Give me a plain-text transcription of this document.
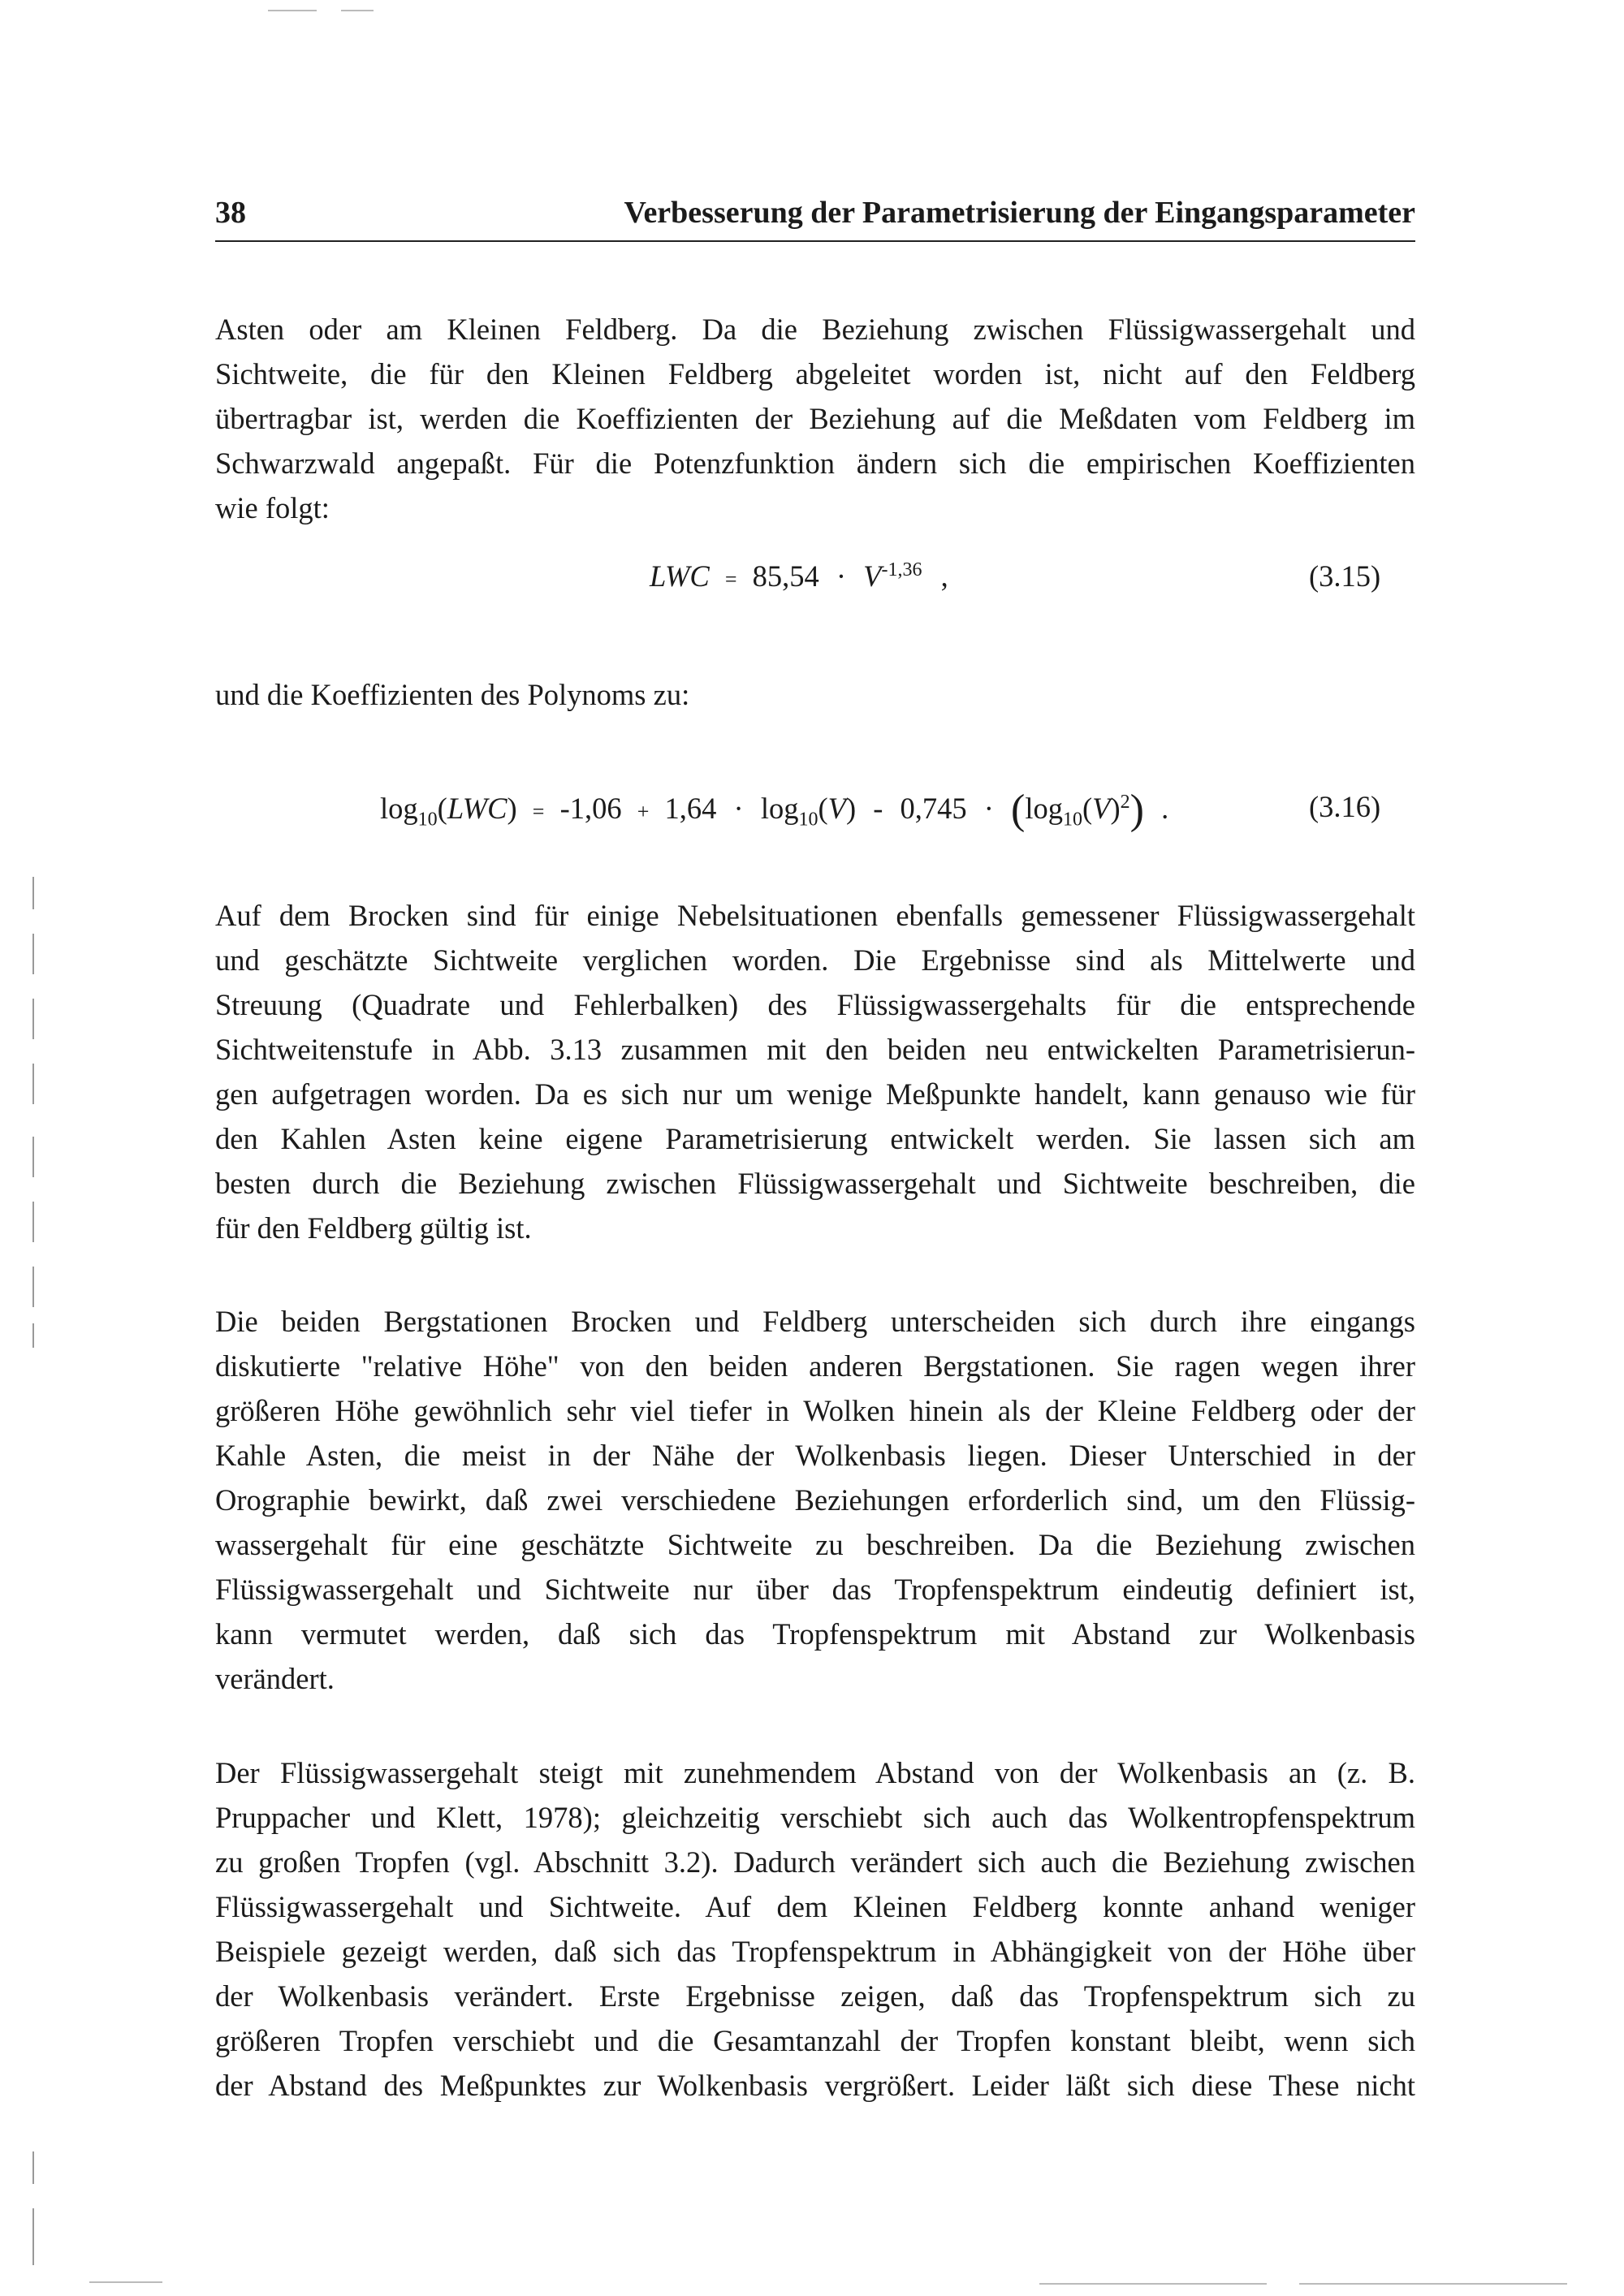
38	Verbesserung der Parametrisierung der Eingangsparameter
Asten oder am Kleinen Feldberg. Da die Beziehung zwischen Flüssigwassergehalt und
Sichtweite, die für den Kleinen Feldberg abgeleitet worden ist, nicht auf den Feldberg
übertragbar ist, werden die Koeffizienten der Beziehung auf die Meßdaten vom Feldberg im
Schwarzwald angepaßt. Für die Potenzfunktion ändern sich die empirischen Koeffizienten
wie folgt:
LWC = $85,54 \cdot V^{-1,36}$ ,	(3.15)
und die Koeffizienten des Polynoms zu:
$\log_{10}(LWC) = -1,06 + 1,64 \cdot \log_{10}(V) - 0,745 \cdot (\log_{10}(V)^2)$ .	(3.16)
Auf dem Brocken sind für einige Nebelsituationen ebenfalls gemessener Flüssigwassergehalt
und geschätzte Sichtweite verglichen worden. Die Ergebnisse sind als Mittelwerte und
Streuung (Quadrate und Fehlerbalken) des Flüssigwassergehalts für die entsprechende
Sichtweitenstufe in Abb. 3.13 zusammen mit den beiden neu entwickelten Parametrisierun-
gen aufgetragen worden. Da es sich nur um wenige Meßpunkte handelt, kann genauso wie für
den Kahlen Asten keine eigene Parametrisierung entwickelt werden. Sie lassen sich am
besten durch die Beziehung zwischen Flüssigwassergehalt und Sichtweite beschreiben, die
für den Feldberg gültig ist.
Die beiden Bergstationen Brocken und Feldberg unterscheiden sich durch ihre eingangs
diskutierte "relative Höhe" von den beiden anderen Bergstationen. Sie ragen wegen ihrer
größeren Höhe gewöhnlich sehr viel tiefer in Wolken hinein als der Kleine Feldberg oder der
Kahle Asten, die meist in der Nähe der Wolkenbasis liegen. Dieser Unterschied in der
Orographie bewirkt, daß zwei verschiedene Beziehungen erforderlich sind, um den Flüssig-
wassergehalt für eine geschätzte Sichtweite zu beschreiben. Da die Beziehung zwischen
Flüssigwassergehalt und Sichtweite nur über das Tropfenspektrum eindeutig definiert ist,
kann vermutet werden, daß sich das Tropfenspektrum mit Abstand zur Wolkenbasis
verändert.
Der Flüssigwassergehalt steigt mit zunehmendem Abstand von der Wolkenbasis an (z. B.
Pruppacher und Klett, 1978); gleichzeitig verschiebt sich auch das Wolkentropfenspektrum
zu großen Tropfen (vgl. Abschnitt 3.2). Dadurch verändert sich auch die Beziehung zwischen
Flüssigwassergehalt und Sichtweite. Auf dem Kleinen Feldberg konnte anhand weniger
Beispiele gezeigt werden, daß sich das Tropfenspektrum in Abhängigkeit von der Höhe über
der Wolkenbasis verändert. Erste Ergebnisse zeigen, daß das Tropfenspektrum sich zu
größeren Tropfen verschiebt und die Gesamtanzahl der Tropfen konstant bleibt, wenn sich
der Abstand des Meßpunktes zur Wolkenbasis vergrößert. Leider läßt sich diese These nicht
